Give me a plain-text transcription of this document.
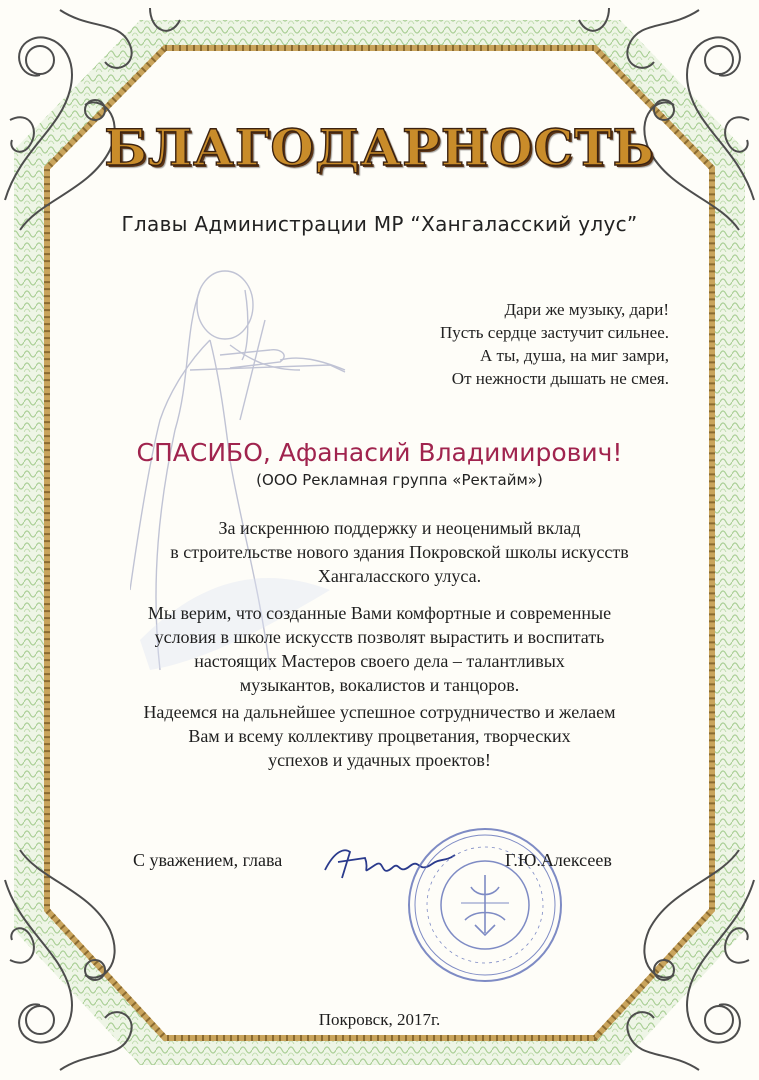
БЛАГОДАРНОСТЬ
Главы Администрации МР “Хангаласский улус”
Дари же музыку, дари!
Пусть сердце застучит сильнее.
А ты, душа, на миг замри,
От нежности дышать не смея.
СПАСИБО, Афанасий Владимирович!
(ООО Рекламная группа «Ректайм»)
За искреннюю поддержку и неоценимый вклад
в строительстве нового здания Покровской школы искусств
Хангаласского улуса.
Мы верим, что созданные Вами комфортные и современные
условия в школе искусств позволят вырастить и воспитать
настоящих Мастеров своего дела – талантливых
музыкантов, вокалистов и танцоров.
Надеемся на дальнейшее успешное сотрудничество и желаем
Вам и всему коллективу процветания, творческих
успехов и удачных проектов!
С уважением, глава	Г.Ю.Алексеев
Покровск, 2017г.
